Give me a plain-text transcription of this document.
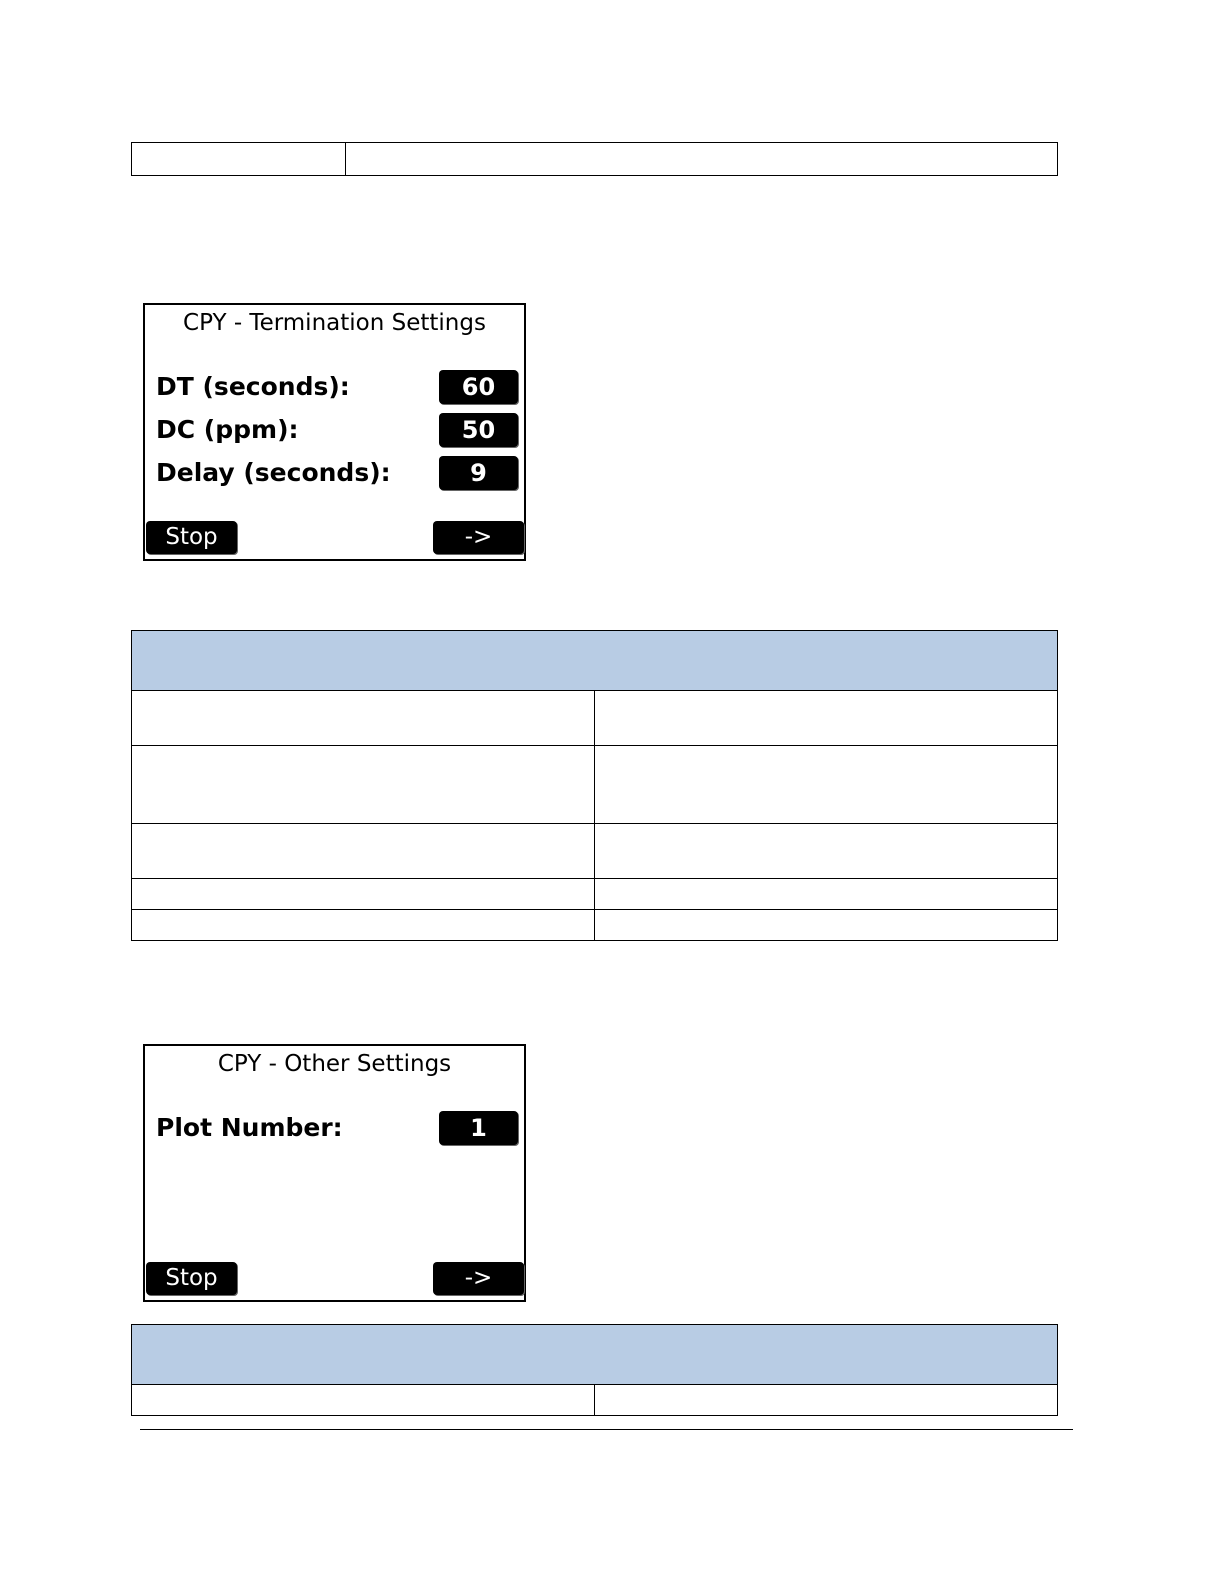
CPY - Termination Settings
DT (seconds):	60
DC (ppm):	50
Delay (seconds):	9
Stop	->

CPY - Other Settings
Plot Number:	1
Stop	->
